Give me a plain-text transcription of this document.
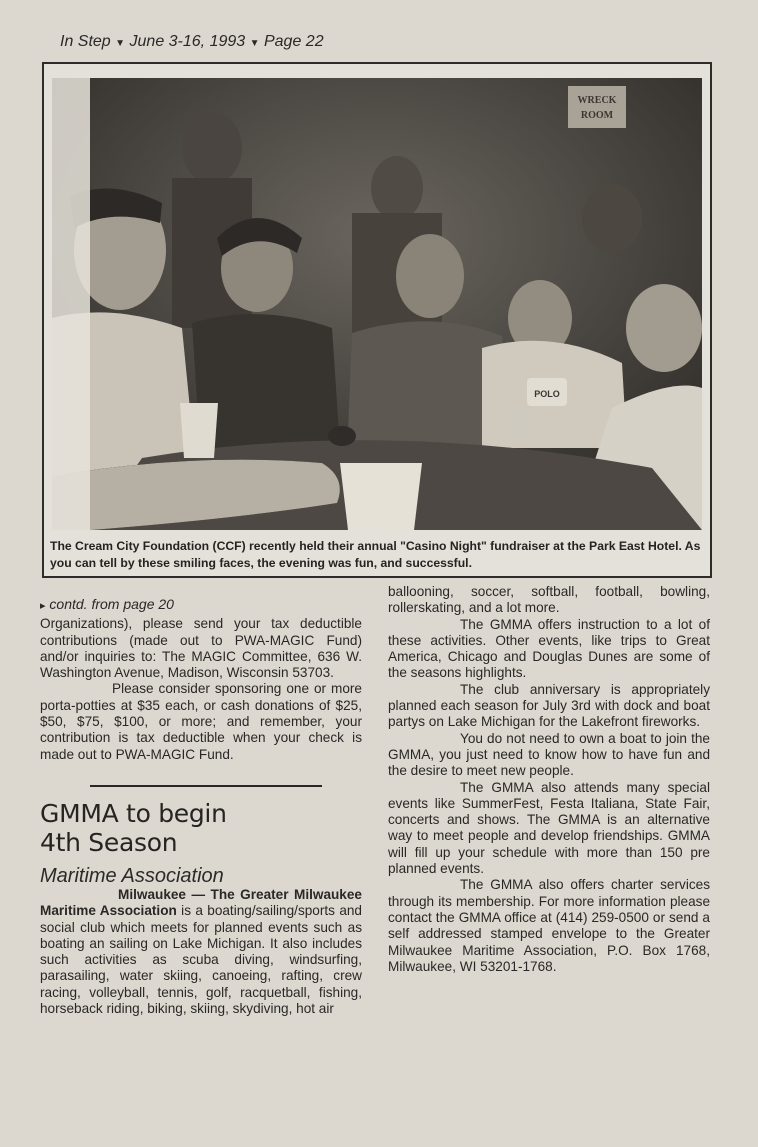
In Step ▼ June 3-16, 1993 ▼ Page 22
WRECK
ROOM
POLO
The Cream City Foundation (CCF) recently held their annual "Casino Night" fundraiser at the Park East Hotel. As you can tell by these smiling faces, the evening was fun, and successful.

▸ contd. from page 20

Organizations), please send your tax deductible contributions (made out to PWA-MAGIC Fund) and/or inquiries to: The MAGIC Committee, 636 W. Washington Avenue, Madison, Wisconsin 53703.

Please consider sponsoring one or more porta-potties at $35 each, or cash donations of $25, $50, $75, $100, or more; and remember, your contribution is tax deductible when your check is made out to PWA-MAGIC Fund.

GMMA to begin
4th Season
Maritime Association

Milwaukee — The Greater Milwaukee Maritime Association is a boating/sailing/sports and social club which meets for planned events such as boating an sailing on Lake Michigan. It also includes such activities as scuba diving, windsurfing, parasailing, water skiing, canoeing, rafting, crew racing, volleyball, tennis, golf, racquetball, fishing, horseback riding, biking, skiing, skydiving, hot air

ballooning, soccer, softball, football, bowling, rollerskating, and a lot more.

The GMMA offers instruction to a lot of these activities. Other events, like trips to Great America, Chicago and Douglas Dunes are some of the seasons highlights.

The club anniversary is appropriately planned each season for July 3rd with dock and boat partys on Lake Michigan for the Lakefront fireworks.

You do not need to own a boat to join the GMMA, you just need to know how to have fun and the desire to meet new people.

The GMMA also attends many special events like SummerFest, Festa Italiana, State Fair, concerts and shows. The GMMA is an alternative way to meet people and develop friendships. GMMA will fill up your schedule with more than 150 pre planned events.

The GMMA also offers charter services through its membership. For more information please contact the GMMA office at (414) 259-0500 or send a self addressed stamped envelope to the Greater Milwaukee Maritime Association, P.O. Box 1768, Milwaukee, WI 53201-1768.
